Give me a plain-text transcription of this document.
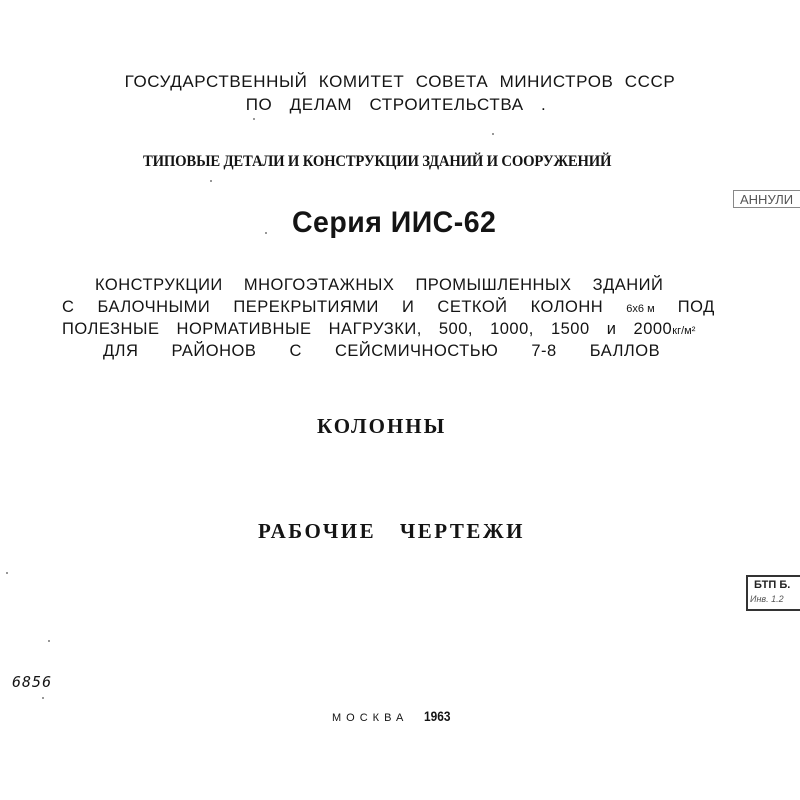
ГОСУДАРСТВЕННЫЙ КОМИТЕТ СОВЕТА МИНИСТРОВ СССР
ПО ДЕЛАМ СТРОИТЕЛЬСТВА .
ТИПОВЫЕ ДЕТАЛИ И КОНСТРУКЦИИ ЗДАНИЙ И СООРУЖЕНИЙ
АННУЛИ
Серия ИИС-62
КОНСТРУКЦИИ МНОГОЭТАЖНЫХ ПРОМЫШЛЕННЫХ ЗДАНИЙ
С БАЛОЧНЫМИ ПЕРЕКРЫТИЯМИ И СЕТКОЙ КОЛОНН 6х6 м ПОД
ПОЛЕЗНЫЕ НОРМАТИВНЫЕ НАГРУЗКИ, 500, 1000, 1500 и 2000кг/м²
ДЛЯ РАЙОНОВ С СЕЙСМИЧНОСТЬЮ 7-8 БАЛЛОВ
КОЛОННЫ
РАБОЧИЕ ЧЕРТЕЖИ
БТП Б.
Инв. 1.2
6856
МОСКВА 1963
